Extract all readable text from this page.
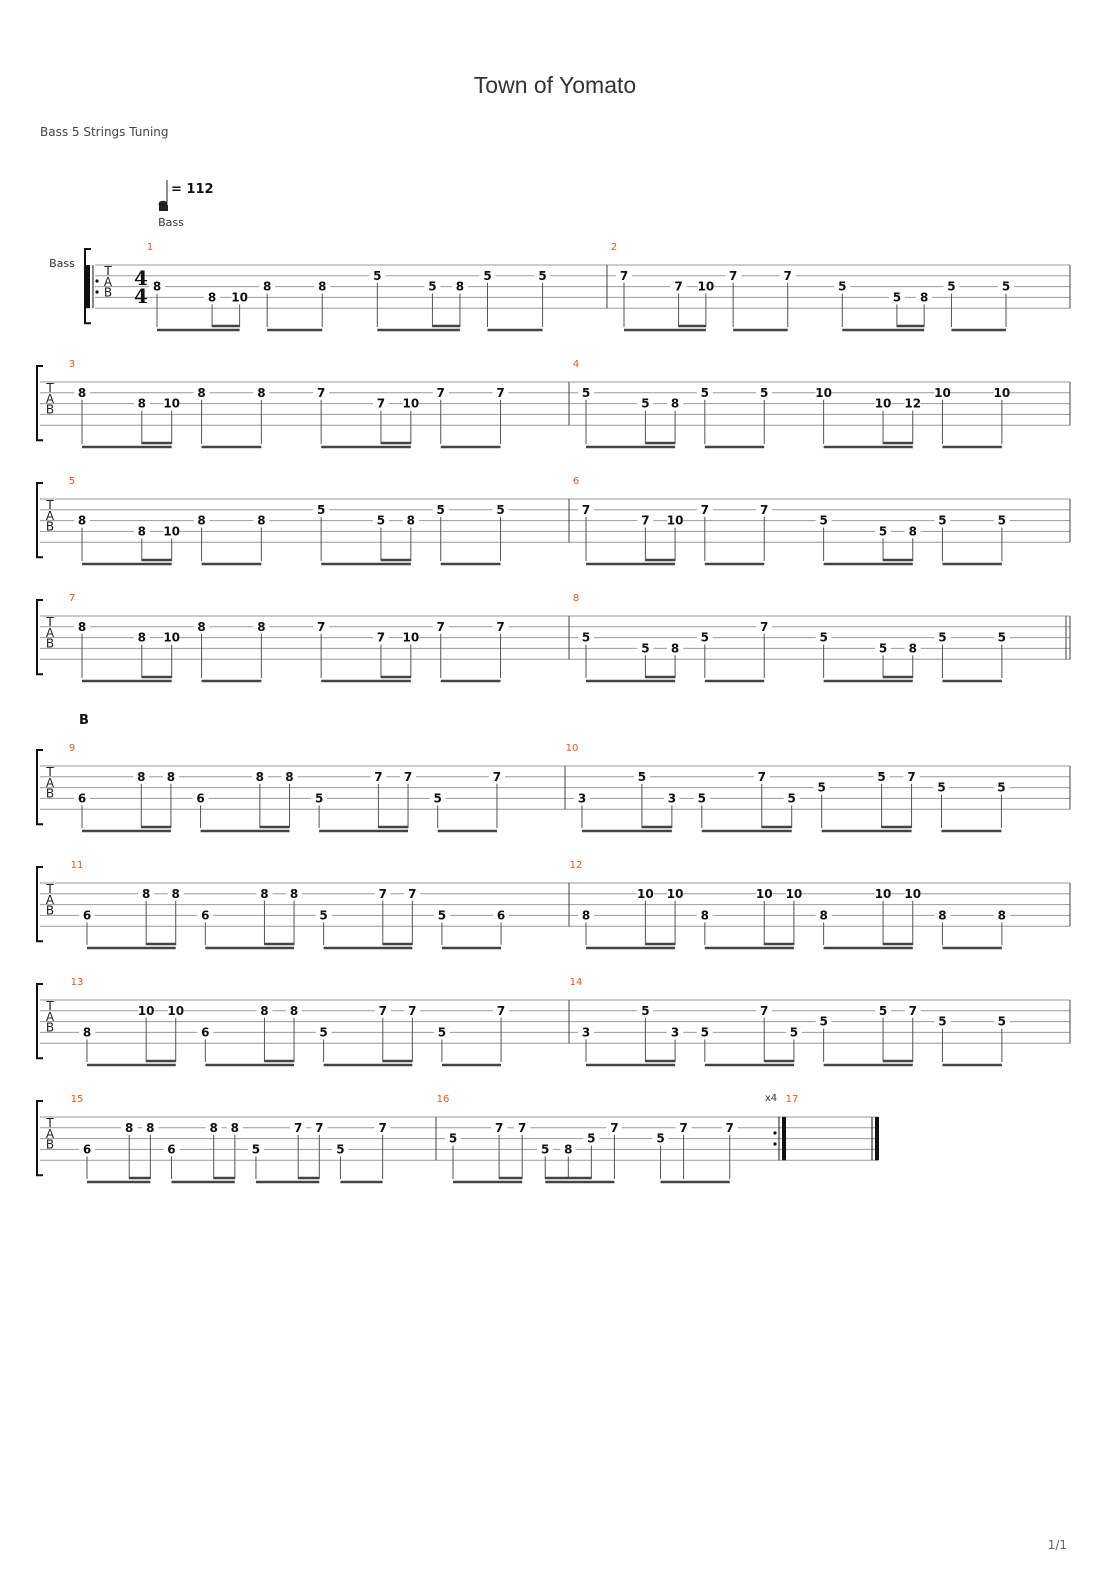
Town of Yomato
Bass 5 Strings Tuning
T
A
B
4
4
Bass
= 112
Bass
1
8
8 10
8	8
5
5 8
5	5
2
7
7 10
7	7
5
5 8
5	5
T
A
B
3
8
8 10
8	8	7
7 10
7	7
4
5
5 8
5	5	10
10 12
10	10
T
A
B
5
8
8 10
8	8
5
5 8
5	5
6
7
7 10
7	7
5
5 8
5	5
T
A
B
7
8
8 10
8	8	7
7 10
7	7
8
5
5 8
5
7
5
5 8
5	5
T
A
B
B
9
6
8 8
6
8 8
5
7 7
5
7
10
3
5
3 5
7
5
5
5 7
5	5
T
A
B
11
6
8 8
6
8 8
5
7 7
5	6
12
8
10 10
8
10 10
8
10 10
8	8
T
A
B
13
8
10 10
6
8 8
5
7 7
5
7
14
3
5
3 5
7
5
5
5 7
5	5
T
A
B
15
6
8 8
6
8 8
5
7 7
5
7
16
5
7 7
5 8
5
7
5
7	7
17
x4
1/1
